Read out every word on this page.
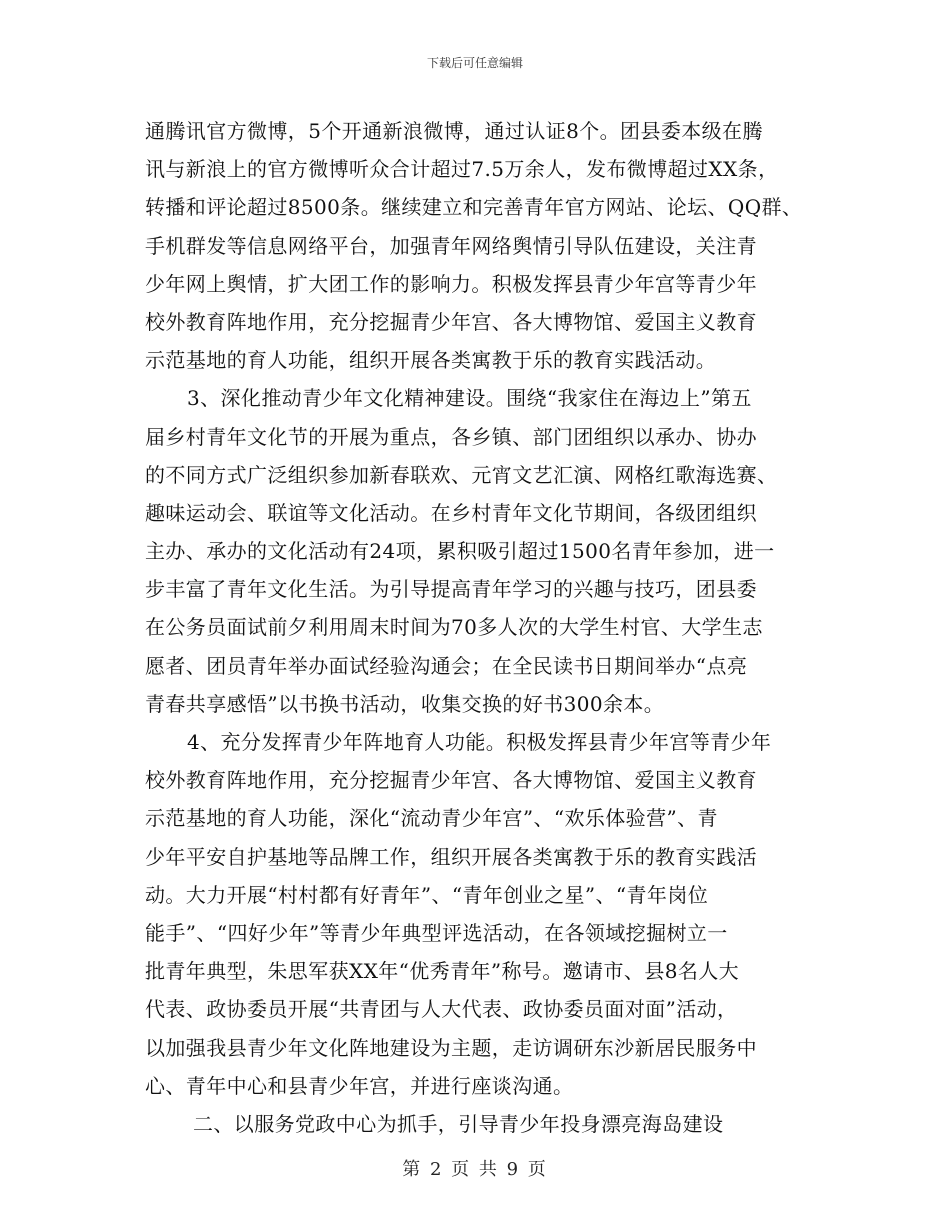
下载后可任意编辑
通腾讯官方微博，5个开通新浪微博，通过认证8个。团县委本级在腾
讯与新浪上的官方微博听众合计超过7.5万余人，发布微博超过XX条，
转播和评论超过8500条。继续建立和完善青年官方网站、论坛、QQ群、
手机群发等信息网络平台，加强青年网络舆情引导队伍建设，关注青
少年网上舆情，扩大团工作的影响力。积极发挥县青少年宫等青少年
校外教育阵地作用，充分挖掘青少年宫、各大博物馆、爱国主义教育
示范基地的育人功能，组织开展各类寓教于乐的教育实践活动。
3、深化推动青少年文化精神建设。围绕“我家住在海边上”第五
届乡村青年文化节的开展为重点，各乡镇、部门团组织以承办、协办
的不同方式广泛组织参加新春联欢、元宵文艺汇演、网格红歌海选赛、
趣味运动会、联谊等文化活动。在乡村青年文化节期间，各级团组织
主办、承办的文化活动有24项，累积吸引超过1500名青年参加，进一
步丰富了青年文化生活。为引导提高青年学习的兴趣与技巧，团县委
在公务员面试前夕利用周末时间为70多人次的大学生村官、大学生志
愿者、团员青年举办面试经验沟通会；在全民读书日期间举办“点亮
青春共享感悟”以书换书活动，收集交换的好书300余本。
4、充分发挥青少年阵地育人功能。积极发挥县青少年宫等青少年
校外教育阵地作用，充分挖掘青少年宫、各大博物馆、爱国主义教育
示范基地的育人功能，深化“流动青少年宫”、“欢乐体验营”、青
少年平安自护基地等品牌工作，组织开展各类寓教于乐的教育实践活
动。大力开展“村村都有好青年”、“青年创业之星”、“青年岗位
能手”、“四好少年”等青少年典型评选活动，在各领域挖掘树立一
批青年典型，朱思军获XX年“优秀青年”称号。邀请市、县8名人大
代表、政协委员开展“共青团与人大代表、政协委员面对面”活动，
以加强我县青少年文化阵地建设为主题，走访调研东沙新居民服务中
心、青年中心和县青少年宫，并进行座谈沟通。
二、以服务党政中心为抓手，引导青少年投身漂亮海岛建设
第 2 页 共 9 页
